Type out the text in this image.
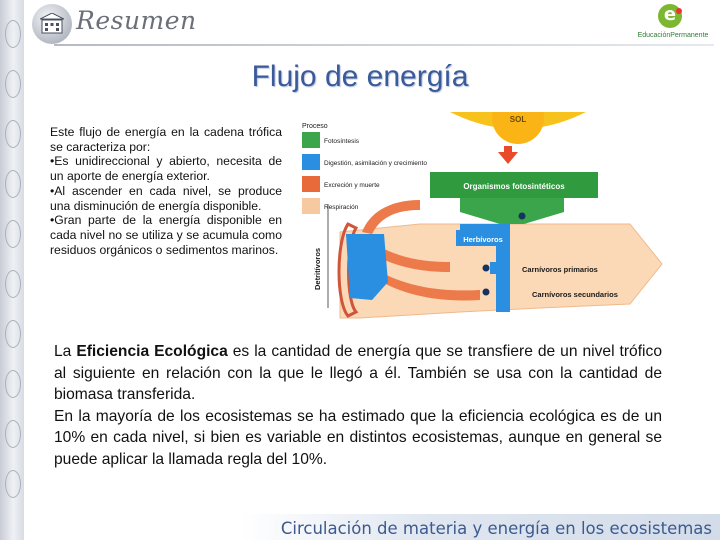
Resumen	e
EducaciónPermanente
Flujo de energía

Este flujo de energía en la cadena trófica se caracteriza por:

•Es unidireccional y abierto, necesita de un aporte de energía exterior.

•Al ascender en cada nivel, se produce una disminución de energía disponible.

•Gran parte de la energía disponible en cada nivel no se utiliza y se acumula como residuos orgánicos o sedimentos marinos.

SOL
Organismos fotosintéticos
Herbívoros
Detritívoros	Carnívoros primarios
Carnívoros secundarios
Proceso
Fotosíntesis
Digestión, asimilación y crecimiento
Excreción y muerte
Respiración

La Eficiencia Ecológica es la cantidad de energía que se transfiere de un nivel trófico al siguiente en relación con la que le llegó a él. También se usa con la cantidad de biomasa transferida.

En la mayoría de los ecosistemas se ha estimado que la eficiencia ecológica es de un 10% en cada nivel, si bien es variable en distintos ecosistemas, aunque en general se puede aplicar la llamada regla del 10%.

Circulación de materia y energía en los ecosistemas
